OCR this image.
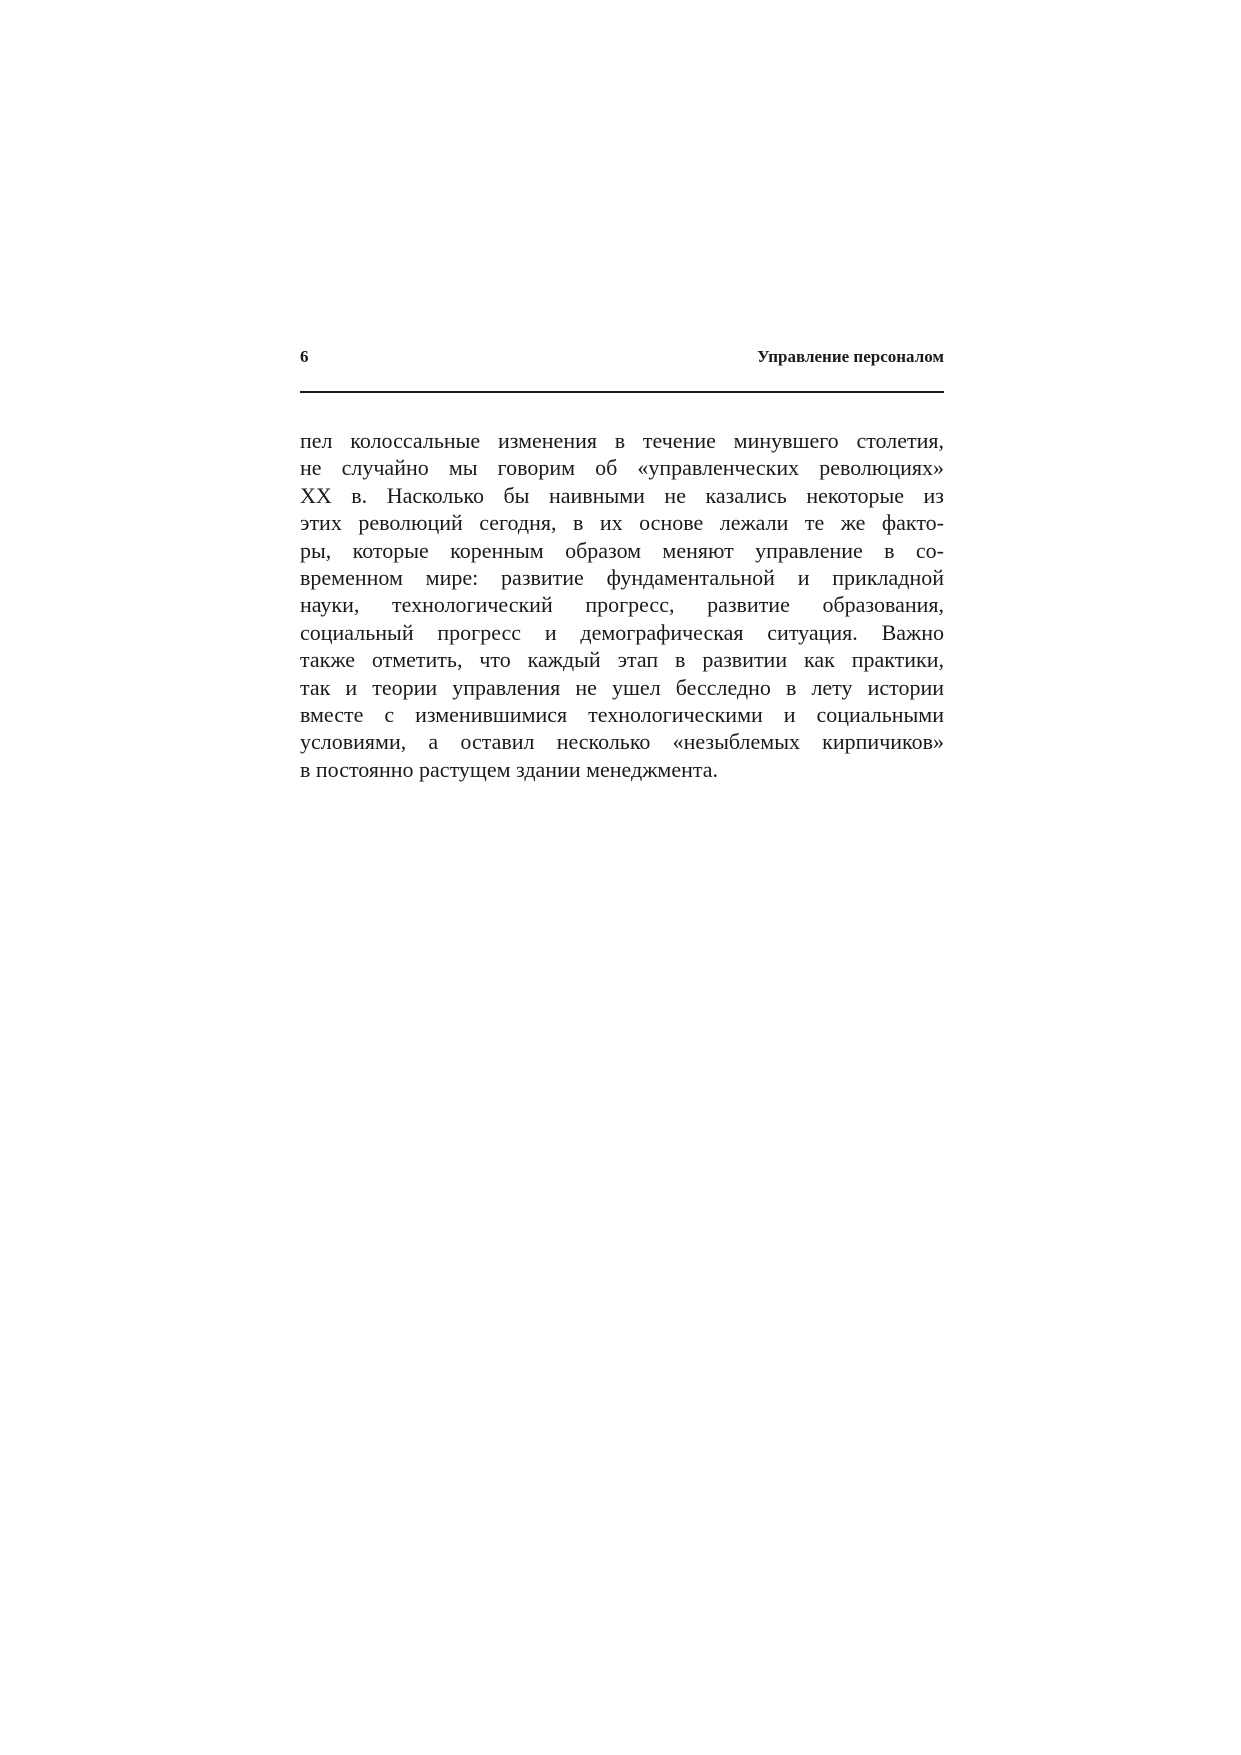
6	Управление персоналом
пел колоссальные изменения в течение минувшего столетия,
не случайно мы говорим об «управленческих революциях»
XX в. Насколько бы наивными не казались некоторые из
этих революций сегодня, в их основе лежали те же факто-
ры, которые коренным образом меняют управление в со-
временном мире: развитие фундаментальной и прикладной
науки, технологический прогресс, развитие образования,
социальный прогресс и демографическая ситуация. Важно
также отметить, что каждый этап в развитии как практики,
так и теории управления не ушел бесследно в лету истории
вместе с изменившимися технологическими и социальными
условиями, а оставил несколько «незыблемых кирпичиков»
в постоянно растущем здании менеджмента.
